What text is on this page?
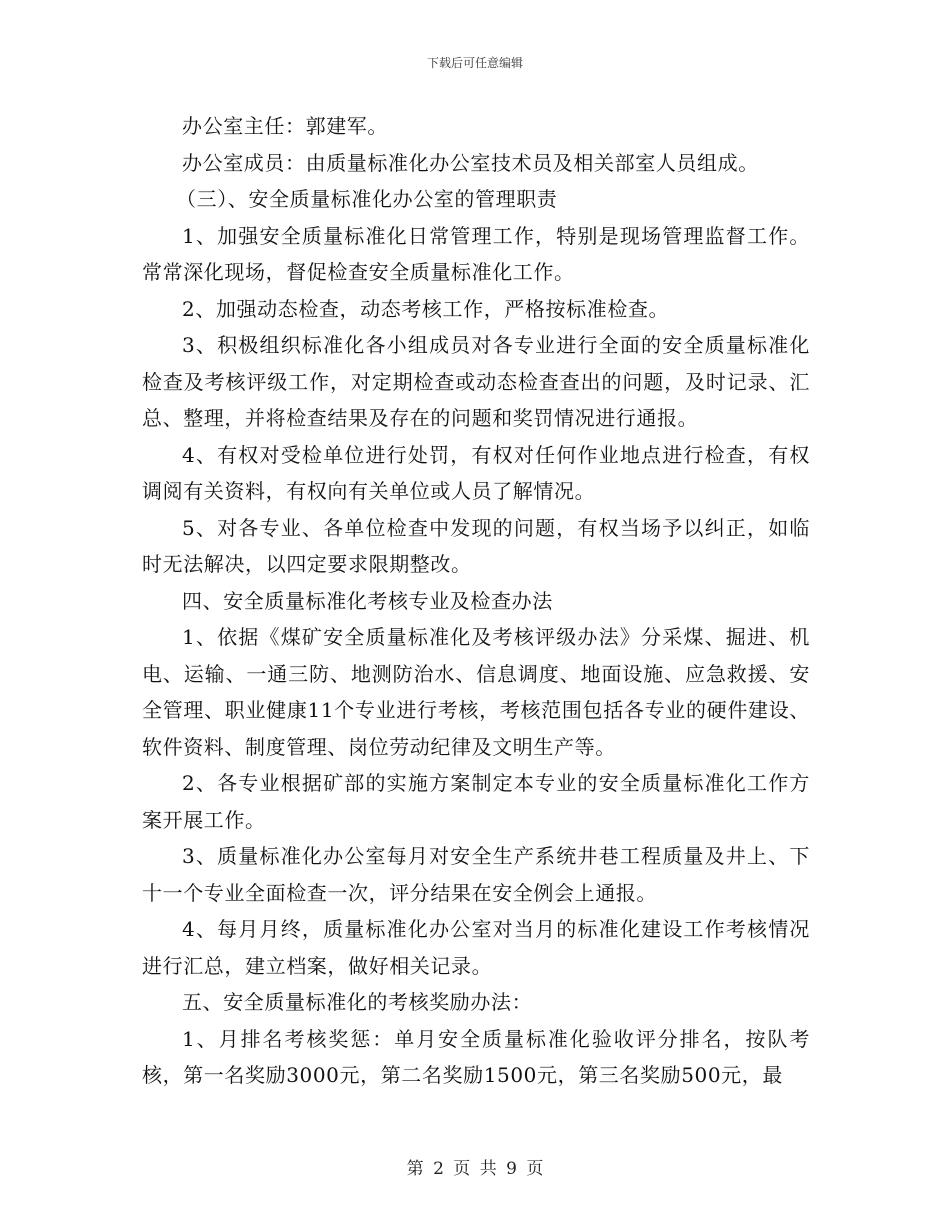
下载后可任意编辑

办公室主任：郭建军。

办公室成员：由质量标准化办公室技术员及相关部室人员组成。

（三）、安全质量标准化办公室的管理职责

1、加强安全质量标准化日常管理工作，特别是现场管理监督工作。常常深化现场，督促检查安全质量标准化工作。

2、加强动态检查，动态考核工作，严格按标准检查。

3、积极组织标准化各小组成员对各专业进行全面的安全质量标准化检查及考核评级工作，对定期检查或动态检查查出的问题，及时记录、汇总、整理，并将检查结果及存在的问题和奖罚情况进行通报。

4、有权对受检单位进行处罚，有权对任何作业地点进行检查，有权调阅有关资料，有权向有关单位或人员了解情况。

5、对各专业、各单位检查中发现的问题，有权当场予以纠正，如临时无法解决，以四定要求限期整改。

四、安全质量标准化考核专业及检查办法

1、依据《煤矿安全质量标准化及考核评级办法》分采煤、掘进、机电、运输、一通三防、地测防治水、信息调度、地面设施、应急救援、安全管理、职业健康11个专业进行考核，考核范围包括各专业的硬件建设、软件资料、制度管理、岗位劳动纪律及文明生产等。

2、各专业根据矿部的实施方案制定本专业的安全质量标准化工作方案开展工作。

3、质量标准化办公室每月对安全生产系统井巷工程质量及井上、下十一个专业全面检查一次，评分结果在安全例会上通报。

4、每月月终，质量标准化办公室对当月的标准化建设工作考核情况进行汇总，建立档案，做好相关记录。

五、安全质量标准化的考核奖励办法：

1、月排名考核奖惩：单月安全质量标准化验收评分排名，按队考核，第一名奖励3000元，第二名奖励1500元，第三名奖励500元，最

第 2 页 共 9 页
